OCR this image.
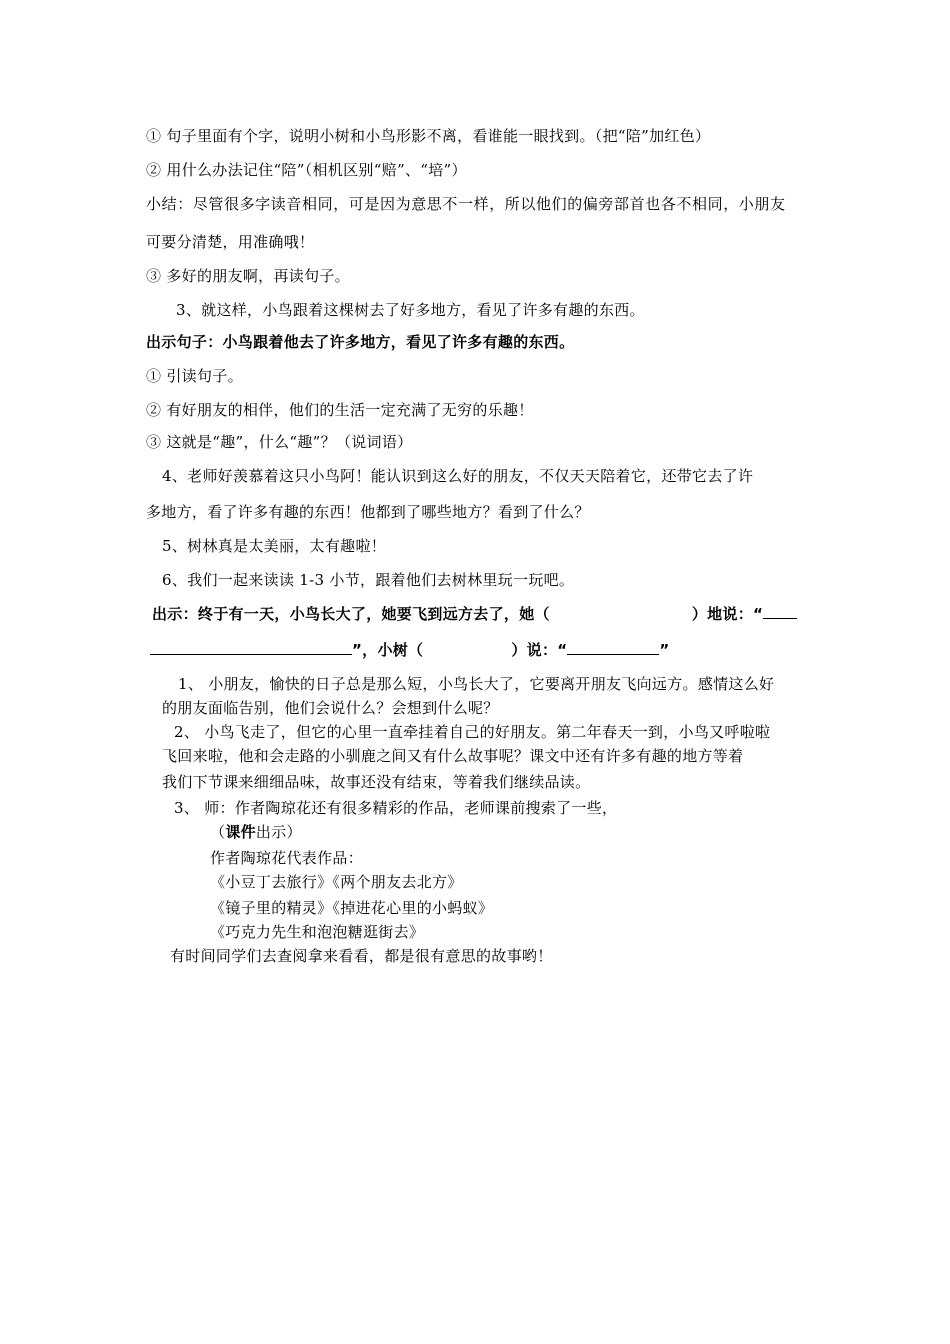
① 句子里面有个字，说明小树和小鸟形影不离，看谁能一眼找到。（把“陪”加红色）
② 用什么办法记住“陪”（相机区别“赔”、“培”）
小结：尽管很多字读音相同，可是因为意思不一样，所以他们的偏旁部首也各不相同，小朋友
可要分清楚，用准确哦！
③ 多好的朋友啊，再读句子。
3、就这样，小鸟跟着这棵树去了好多地方，看见了许多有趣的东西。
出示句子：小鸟跟着他去了许多地方，看见了许多有趣的东西。
① 引读句子。
② 有好朋友的相伴，他们的生活一定充满了无穷的乐趣！
③ 这就是“趣”，什么“趣”？（说词语）
4、老师好羡慕着这只小鸟阿！能认识到这么好的朋友，不仅天天陪着它，还带它去了许
多地方，看了许多有趣的东西！他都到了哪些地方？看到了什么？
5、树林真是太美丽，太有趣啦！
6、我们一起来读读 1-3 小节，跟着他们去树林里玩一玩吧。
出示：终于有一天，小鸟长大了，她要飞到远方去了，她（	）地说：“
”，小树（	）说：“	”
1、 小朋友，愉快的日子总是那么短，小鸟长大了，它要离开朋友飞向远方。感情这么好
的朋友面临告别，他们会说什么？会想到什么呢？
2、 小鸟飞走了，但它的心里一直牵挂着自己的好朋友。第二年春天一到，小鸟又呼啦啦
飞回来啦，他和会走路的小驯鹿之间又有什么故事呢？课文中还有许多有趣的地方等着
我们下节课来细细品味，故事还没有结束，等着我们继续品读。
3、 师：作者陶琼花还有很多精彩的作品，老师课前搜索了一些，
（课件出示）
作者陶琼花代表作品：
《小豆丁去旅行》《两个朋友去北方》
《镜子里的精灵》《掉进花心里的小蚂蚁》
《巧克力先生和泡泡糖逛街去》
有时间同学们去查阅拿来看看，都是很有意思的故事哟！
